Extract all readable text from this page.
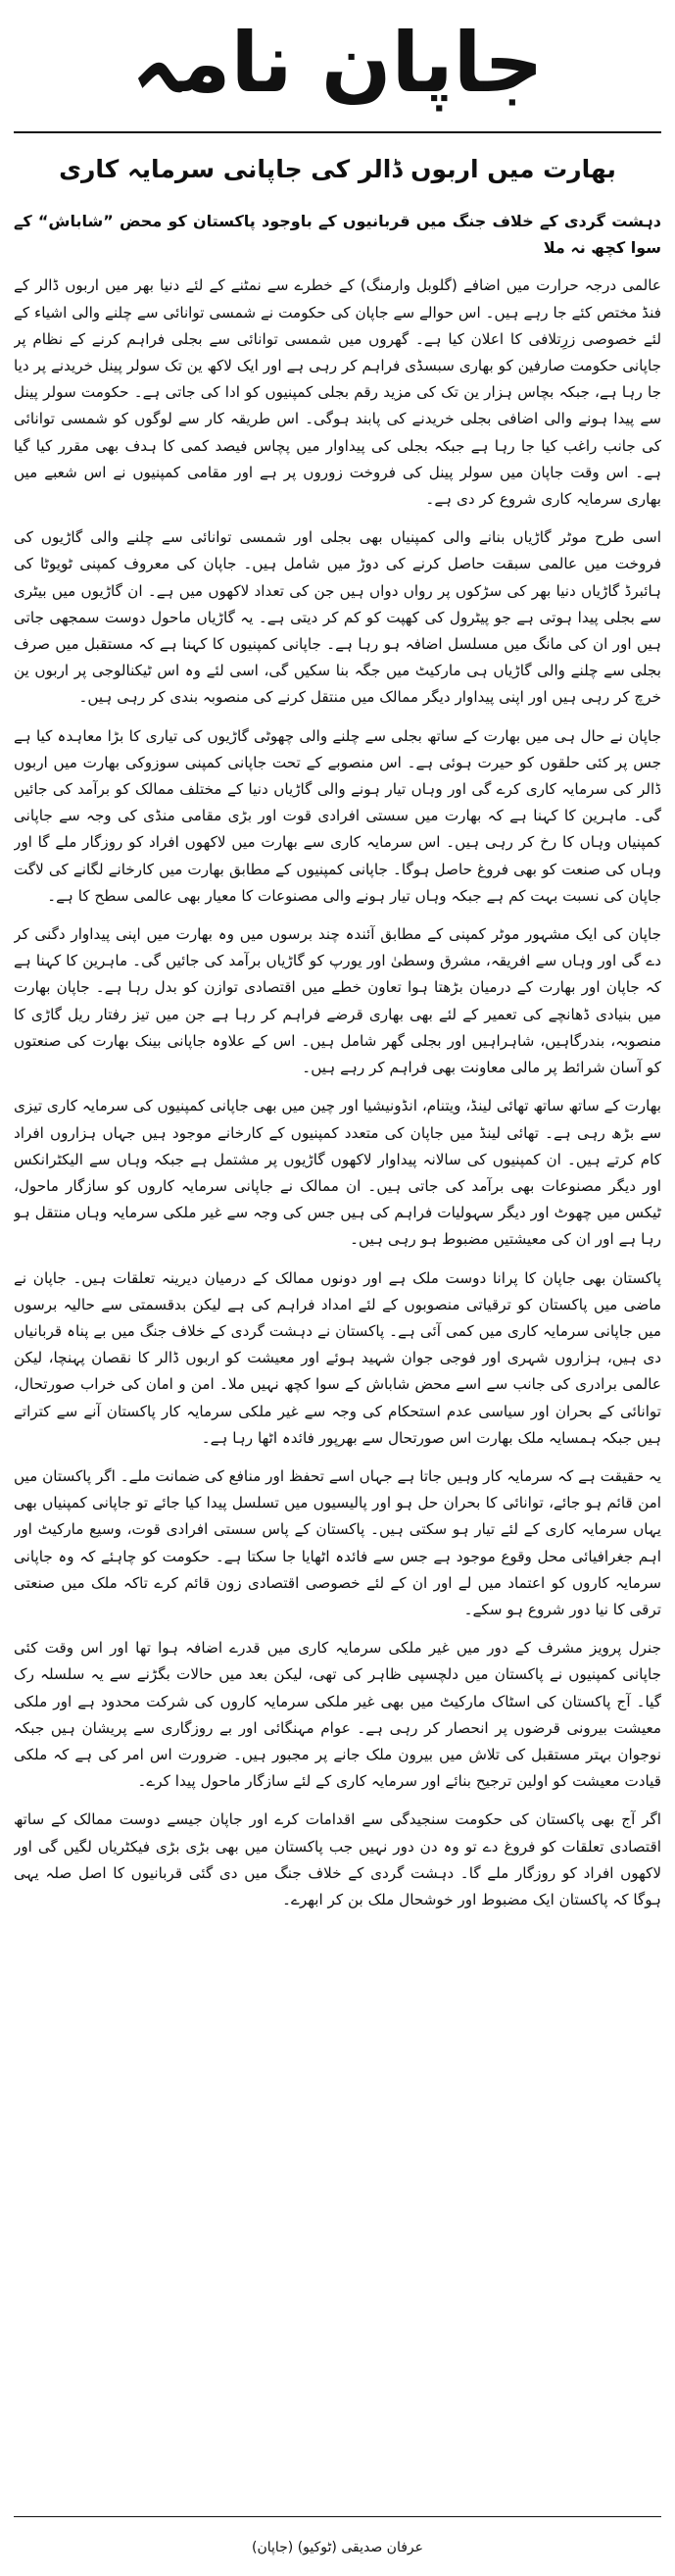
جاپان نامہ
بھارت میں اربوں ڈالر کی جاپانی سرمایہ کاری

دہشت گردی کے خلاف جنگ میں قربانیوں کے باوجود پاکستان کو محض ”شاباش“ کے سوا کچھ نہ ملا

عالمی درجہ حرارت میں اضافے (گلوبل وارمنگ) کے خطرے سے نمٹنے کے لئے دنیا بھر میں اربوں ڈالر کے فنڈ مختص کئے جا رہے ہیں۔ اس حوالے سے جاپان کی حکومت نے شمسی توانائی سے چلنے والی اشیاء کے لئے خصوصی زرِتلافی کا اعلان کیا ہے۔ گھروں میں شمسی توانائی سے بجلی فراہم کرنے کے نظام پر جاپانی حکومت صارفین کو بھاری سبسڈی فراہم کر رہی ہے اور ایک لاکھ ین تک سولر پینل خریدنے پر دیا جا رہا ہے، جبکہ بچاس ہزار ین تک کی مزید رقم بجلی کمپنیوں کو ادا کی جاتی ہے۔ حکومت سولر پینل سے پیدا ہونے والی اضافی بجلی خریدنے کی پابند ہوگی۔ اس طریقہ کار سے لوگوں کو شمسی توانائی کی جانب راغب کیا جا رہا ہے جبکہ بجلی کی پیداوار میں پچاس فیصد کمی کا ہدف بھی مقرر کیا گیا ہے۔ اس وقت جاپان میں سولر پینل کی فروخت زوروں پر ہے اور مقامی کمپنیوں نے اس شعبے میں بھاری سرمایہ کاری شروع کر دی ہے۔

اسی طرح موٹر گاڑیاں بنانے والی کمپنیاں بھی بجلی اور شمسی توانائی سے چلنے والی گاڑیوں کی فروخت میں عالمی سبقت حاصل کرنے کی دوڑ میں شامل ہیں۔ جاپان کی معروف کمپنی ٹویوٹا کی ہائبرڈ گاڑیاں دنیا بھر کی سڑکوں پر رواں دواں ہیں جن کی تعداد لاکھوں میں ہے۔ ان گاڑیوں میں بیٹری سے بجلی پیدا ہوتی ہے جو پیٹرول کی کھپت کو کم کر دیتی ہے۔ یہ گاڑیاں ماحول دوست سمجھی جاتی ہیں اور ان کی مانگ میں مسلسل اضافہ ہو رہا ہے۔ جاپانی کمپنیوں کا کہنا ہے کہ مستقبل میں صرف بجلی سے چلنے والی گاڑیاں ہی مارکیٹ میں جگہ بنا سکیں گی، اسی لئے وہ اس ٹیکنالوجی پر اربوں ین خرچ کر رہی ہیں اور اپنی پیداوار دیگر ممالک میں منتقل کرنے کی منصوبہ بندی کر رہی ہیں۔

جاپان نے حال ہی میں بھارت کے ساتھ بجلی سے چلنے والی چھوٹی گاڑیوں کی تیاری کا بڑا معاہدہ کیا ہے جس پر کئی حلقوں کو حیرت ہوئی ہے۔ اس منصوبے کے تحت جاپانی کمپنی سوزوکی بھارت میں اربوں ڈالر کی سرمایہ کاری کرے گی اور وہاں تیار ہونے والی گاڑیاں دنیا کے مختلف ممالک کو برآمد کی جائیں گی۔ ماہرین کا کہنا ہے کہ بھارت میں سستی افرادی قوت اور بڑی مقامی منڈی کی وجہ سے جاپانی کمپنیاں وہاں کا رخ کر رہی ہیں۔ اس سرمایہ کاری سے بھارت میں لاکھوں افراد کو روزگار ملے گا اور وہاں کی صنعت کو بھی فروغ حاصل ہوگا۔ جاپانی کمپنیوں کے مطابق بھارت میں کارخانے لگانے کی لاگت جاپان کی نسبت بہت کم ہے جبکہ وہاں تیار ہونے والی مصنوعات کا معیار بھی عالمی سطح کا ہے۔

جاپان کی ایک مشہور موٹر کمپنی کے مطابق آئندہ چند برسوں میں وہ بھارت میں اپنی پیداوار دگنی کر دے گی اور وہاں سے افریقہ، مشرق وسطیٰ اور یورپ کو گاڑیاں برآمد کی جائیں گی۔ ماہرین کا کہنا ہے کہ جاپان اور بھارت کے درمیان بڑھتا ہوا تعاون خطے میں اقتصادی توازن کو بدل رہا ہے۔ جاپان بھارت میں بنیادی ڈھانچے کی تعمیر کے لئے بھی بھاری قرضے فراہم کر رہا ہے جن میں تیز رفتار ریل گاڑی کا منصوبہ، بندرگاہیں، شاہراہیں اور بجلی گھر شامل ہیں۔ اس کے علاوہ جاپانی بینک بھارت کی صنعتوں کو آسان شرائط پر مالی معاونت بھی فراہم کر رہے ہیں۔

بھارت کے ساتھ ساتھ تھائی لینڈ، ویتنام، انڈونیشیا اور چین میں بھی جاپانی کمپنیوں کی سرمایہ کاری تیزی سے بڑھ رہی ہے۔ تھائی لینڈ میں جاپان کی متعدد کمپنیوں کے کارخانے موجود ہیں جہاں ہزاروں افراد کام کرتے ہیں۔ ان کمپنیوں کی سالانہ پیداوار لاکھوں گاڑیوں پر مشتمل ہے جبکہ وہاں سے الیکٹرانکس اور دیگر مصنوعات بھی برآمد کی جاتی ہیں۔ ان ممالک نے جاپانی سرمایہ کاروں کو سازگار ماحول، ٹیکس میں چھوٹ اور دیگر سہولیات فراہم کی ہیں جس کی وجہ سے غیر ملکی سرمایہ وہاں منتقل ہو رہا ہے اور ان کی معیشتیں مضبوط ہو رہی ہیں۔

پاکستان بھی جاپان کا پرانا دوست ملک ہے اور دونوں ممالک کے درمیان دیرینہ تعلقات ہیں۔ جاپان نے ماضی میں پاکستان کو ترقیاتی منصوبوں کے لئے امداد فراہم کی ہے لیکن بدقسمتی سے حالیہ برسوں میں جاپانی سرمایہ کاری میں کمی آئی ہے۔ پاکستان نے دہشت گردی کے خلاف جنگ میں بے پناہ قربانیاں دی ہیں، ہزاروں شہری اور فوجی جوان شہید ہوئے اور معیشت کو اربوں ڈالر کا نقصان پہنچا، لیکن عالمی برادری کی جانب سے اسے محض شاباش کے سوا کچھ نہیں ملا۔ امن و امان کی خراب صورتحال، توانائی کے بحران اور سیاسی عدم استحکام کی وجہ سے غیر ملکی سرمایہ کار پاکستان آنے سے کتراتے ہیں جبکہ ہمسایہ ملک بھارت اس صورتحال سے بھرپور فائدہ اٹھا رہا ہے۔

یہ حقیقت ہے کہ سرمایہ کار وہیں جاتا ہے جہاں اسے تحفظ اور منافع کی ضمانت ملے۔ اگر پاکستان میں امن قائم ہو جائے، توانائی کا بحران حل ہو اور پالیسیوں میں تسلسل پیدا کیا جائے تو جاپانی کمپنیاں بھی یہاں سرمایہ کاری کے لئے تیار ہو سکتی ہیں۔ پاکستان کے پاس سستی افرادی قوت، وسیع مارکیٹ اور اہم جغرافیائی محل وقوع موجود ہے جس سے فائدہ اٹھایا جا سکتا ہے۔ حکومت کو چاہئے کہ وہ جاپانی سرمایہ کاروں کو اعتماد میں لے اور ان کے لئے خصوصی اقتصادی زون قائم کرے تاکہ ملک میں صنعتی ترقی کا نیا دور شروع ہو سکے۔

جنرل پرویز مشرف کے دور میں غیر ملکی سرمایہ کاری میں قدرے اضافہ ہوا تھا اور اس وقت کئی جاپانی کمپنیوں نے پاکستان میں دلچسپی ظاہر کی تھی، لیکن بعد میں حالات بگڑنے سے یہ سلسلہ رک گیا۔ آج پاکستان کی اسٹاک مارکیٹ میں بھی غیر ملکی سرمایہ کاروں کی شرکت محدود ہے اور ملکی معیشت بیرونی قرضوں پر انحصار کر رہی ہے۔ عوام مہنگائی اور بے روزگاری سے پریشان ہیں جبکہ نوجوان بہتر مستقبل کی تلاش میں بیرون ملک جانے پر مجبور ہیں۔ ضرورت اس امر کی ہے کہ ملکی قیادت معیشت کو اولین ترجیح بنائے اور سرمایہ کاری کے لئے سازگار ماحول پیدا کرے۔

اگر آج بھی پاکستان کی حکومت سنجیدگی سے اقدامات کرے اور جاپان جیسے دوست ممالک کے ساتھ اقتصادی تعلقات کو فروغ دے تو وہ دن دور نہیں جب پاکستان میں بھی بڑی بڑی فیکٹریاں لگیں گی اور لاکھوں افراد کو روزگار ملے گا۔ دہشت گردی کے خلاف جنگ میں دی گئی قربانیوں کا اصل صلہ یہی ہوگا کہ پاکستان ایک مضبوط اور خوشحال ملک بن کر ابھرے۔

عرفان صدیقی (ٹوکیو) (جاپان)
